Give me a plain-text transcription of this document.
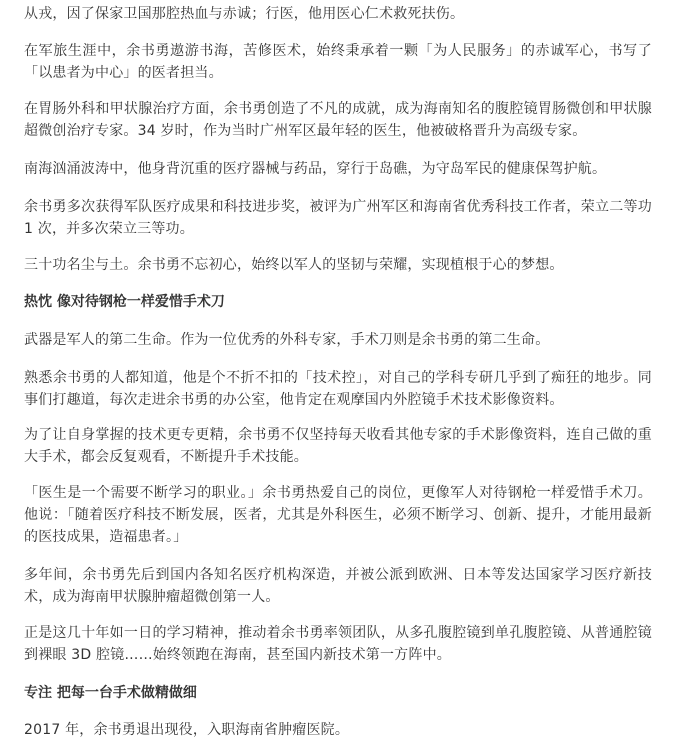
从戎，因了保家卫国那腔热血与赤诚；行医，他用医心仁术救死扶伤。

在军旅生涯中，余书勇遨游书海，苦修医术，始终秉承着一颗「为人民服务」的赤诚军心，书写了「以患者为中心」的医者担当。

在胃肠外科和甲状腺治疗方面，余书勇创造了不凡的成就，成为海南知名的腹腔镜胃肠微创和甲状腺超微创治疗专家。34 岁时，作为当时广州军区最年轻的医生，他被破格晋升为高级专家。

南海汹涌波涛中，他身背沉重的医疗器械与药品，穿行于岛礁，为守岛军民的健康保驾护航。

余书勇多次获得军队医疗成果和科技进步奖，被评为广州军区和海南省优秀科技工作者，荣立二等功 1 次，并多次荣立三等功。

三十功名尘与土。余书勇不忘初心，始终以军人的坚韧与荣耀，实现植根于心的梦想。

热忱 像对待钢枪一样爱惜手术刀

武器是军人的第二生命。作为一位优秀的外科专家，手术刀则是余书勇的第二生命。

熟悉余书勇的人都知道，他是个不折不扣的「技术控」，对自己的学科专研几乎到了痴狂的地步。同事们打趣道，每次走进余书勇的办公室，他肯定在观摩国内外腔镜手术技术影像资料。

为了让自身掌握的技术更专更精，余书勇不仅坚持每天收看其他专家的手术影像资料，连自己做的重大手术，都会反复观看，不断提升手术技能。

「医生是一个需要不断学习的职业。」余书勇热爱自己的岗位，更像军人对待钢枪一样爱惜手术刀。他说：「随着医疗科技不断发展，医者，尤其是外科医生，必须不断学习、创新、提升，才能用最新的医技成果，造福患者。」

多年间，余书勇先后到国内各知名医疗机构深造，并被公派到欧洲、日本等发达国家学习医疗新技术，成为海南甲状腺肿瘤超微创第一人。

正是这几十年如一日的学习精神，推动着余书勇率领团队，从多孔腹腔镜到单孔腹腔镜、从普通腔镜到裸眼 3D 腔镜……始终领跑在海南，甚至国内新技术第一方阵中。

专注 把每一台手术做精做细

2017 年，余书勇退出现役，入职海南省肿瘤医院。
